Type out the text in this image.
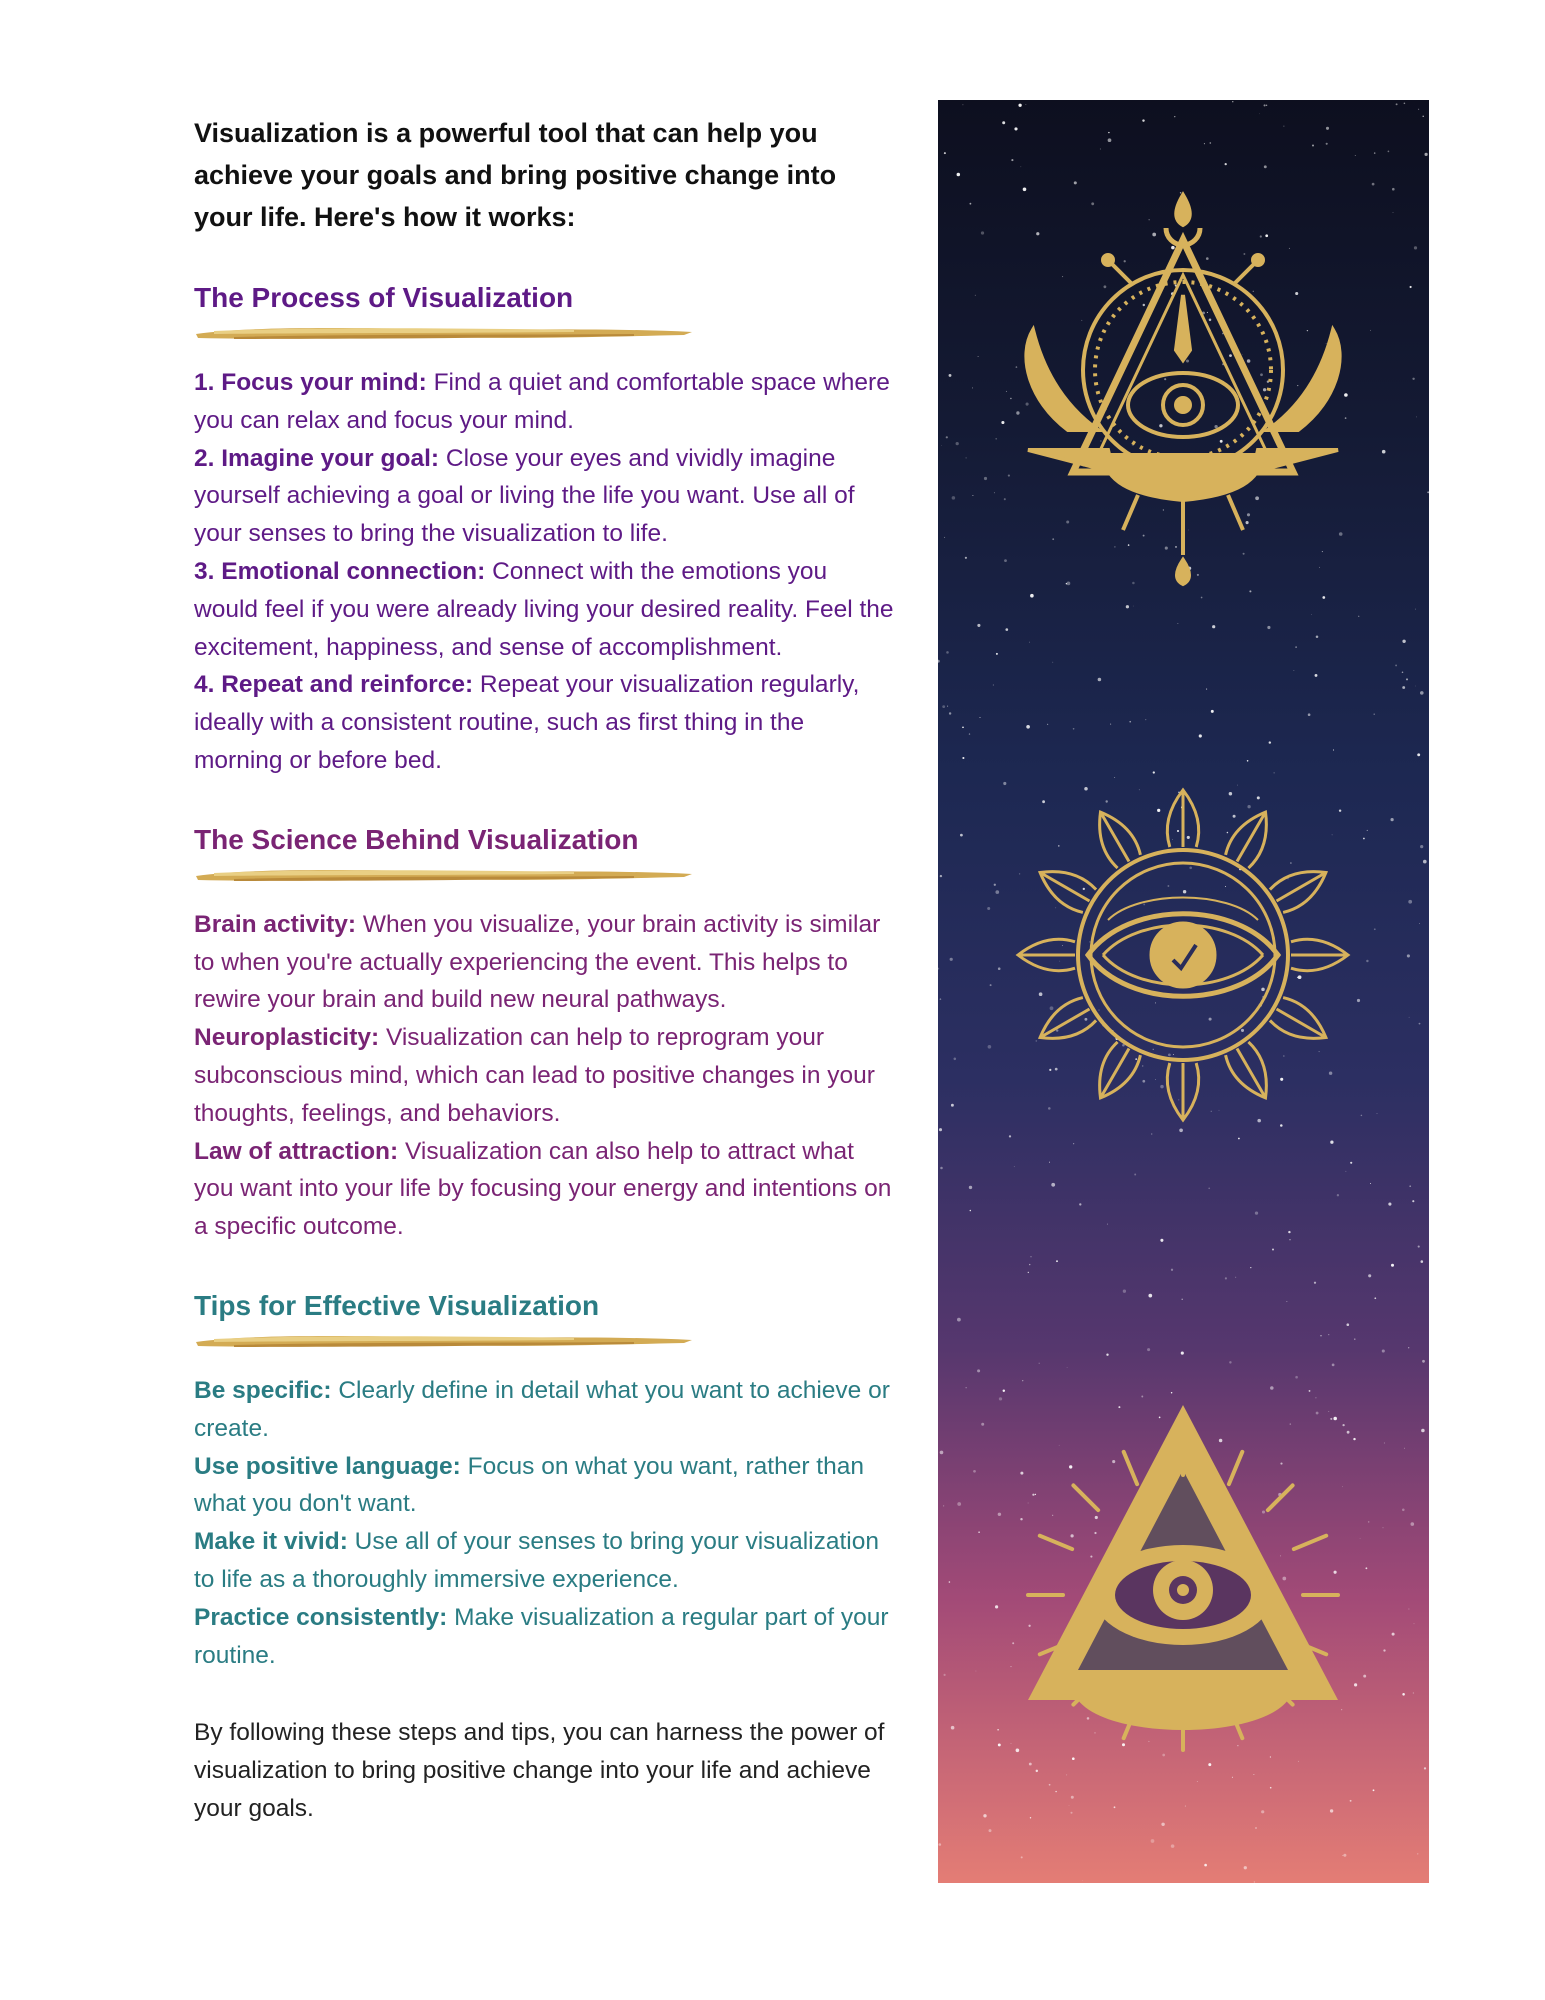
Visualization is a powerful tool that can help you achieve your goals and bring positive change into your life. Here's how it works:

The Process of Visualization
1. Focus your mind: Find a quiet and comfortable space where you can relax and focus your mind.
2. Imagine your goal: Close your eyes and vividly imagine yourself achieving a goal or living the life you want. Use all of your senses to bring the visualization to life.
3. Emotional connection: Connect with the emotions you would feel if you were already living your desired reality. Feel the excitement, happiness, and sense of accomplishment.
4. Repeat and reinforce: Repeat your visualization regularly, ideally with a consistent routine, such as first thing in the morning or before bed.
The Science Behind Visualization
Brain activity: When you visualize, your brain activity is similar to when you're actually experiencing the event. This helps to rewire your brain and build new neural pathways.
Neuroplasticity: Visualization can help to reprogram your subconscious mind, which can lead to positive changes in your thoughts, feelings, and behaviors.
Law of attraction: Visualization can also help to attract what you want into your life by focusing your energy and intentions on a specific outcome.
Tips for Effective Visualization
Be specific: Clearly define in detail what you want to achieve or create.
Use positive language: Focus on what you want, rather than what you don't want.
Make it vivid: Use all of your senses to bring your visualization to life as a thoroughly immersive experience.
Practice consistently: Make visualization a regular part of your routine.

By following these steps and tips, you can harness the power of visualization to bring positive change into your life and achieve your goals.
